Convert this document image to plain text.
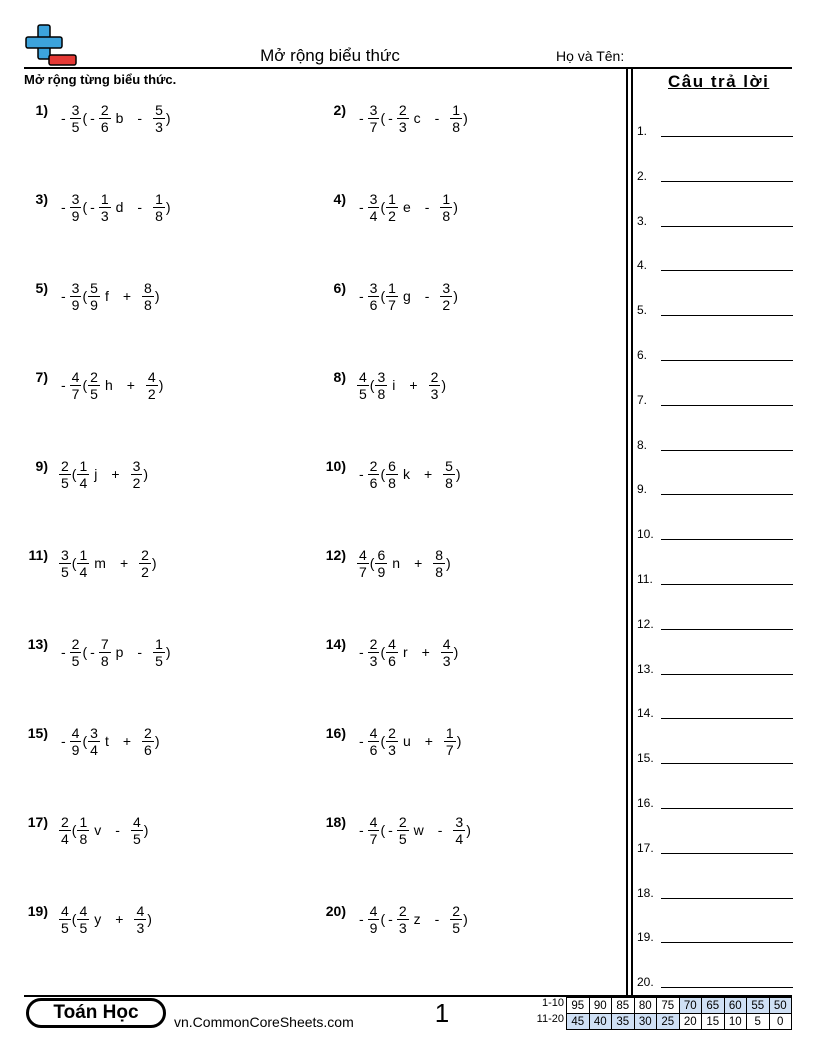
Mở rộng biểu thức	Họ và Tên:
Mở rộng từng biểu thức.	Câu trả lời
1.
2.
3.
4.
5.
6.
7.
8.
9.
10.
11.
12.
13.
14.
15.
16.
17.
18.
19.
20.
$1) - \frac{3}{5}$ ( - $\frac{2}{6}$ b - $\frac{5}{3}$ )	$2) - \frac{3}{7}$ ( - $\frac{2}{3}$ c - $\frac{1}{8}$ )
$3) - \frac{3}{9}$ ( - $\frac{1}{3}$ d - $\frac{1}{8}$ )	$4) - \frac{3}{4}$ ( $\frac{1}{2}$ e - $\frac{1}{8}$ )
$5) - \frac{3}{9}$ ( $\frac{5}{9}$ $f + \frac{8}{8}$ )	$6) - \frac{3}{6}$ ( $\frac{1}{7}$ g - $\frac{3}{2}$ )
$7) - \frac{4}{7}$ ( $\frac{2}{5}$ $h + \frac{4}{2}$ )	$8) \frac{4}{5}$ ( $\frac{3}{8}$ $i + \frac{2}{3}$ )
$9) \frac{2}{5}$ ( $\frac{1}{4}$ $j + \frac{3}{2}$ )	$10) - \frac{2}{6}$ ( $\frac{6}{8}$ $k + \frac{5}{8}$ )
$11) \frac{3}{5}$ ( $\frac{1}{4}$ $m + \frac{2}{2}$ )	$12) \frac{4}{7}$ ( $\frac{6}{9}$ $n + \frac{8}{8}$ )
$13) - \frac{2}{5}$ ( - $\frac{7}{8}$ p - $\frac{1}{5}$ )	$14) - \frac{2}{3}$ ( $\frac{4}{6}$ $r + \frac{4}{3}$ )
$15) - \frac{4}{9}$ ( $\frac{3}{4}$ $t + \frac{2}{6}$ )	$16) - \frac{4}{6}$ ( $\frac{2}{3}$ $u + \frac{1}{7}$ )
$17) \frac{2}{4}$ ( $\frac{1}{8}$ v - $\frac{4}{5}$ )	$18) - \frac{4}{7}$ ( - $\frac{2}{5}$ w - $\frac{3}{4}$ )
$19) \frac{4}{5}$ ( $\frac{4}{5}$ $y + \frac{4}{3}$ )	$20) - \frac{4}{9}$ ( - $\frac{2}{3}$ z - $\frac{2}{5}$ )
Toán Học	vn.CommonCoreSheets.com	1	1-10
11-20
95	90	85	80	75	70	65	60	55	50
45	40	35	30	25	20	15	10	5	0
